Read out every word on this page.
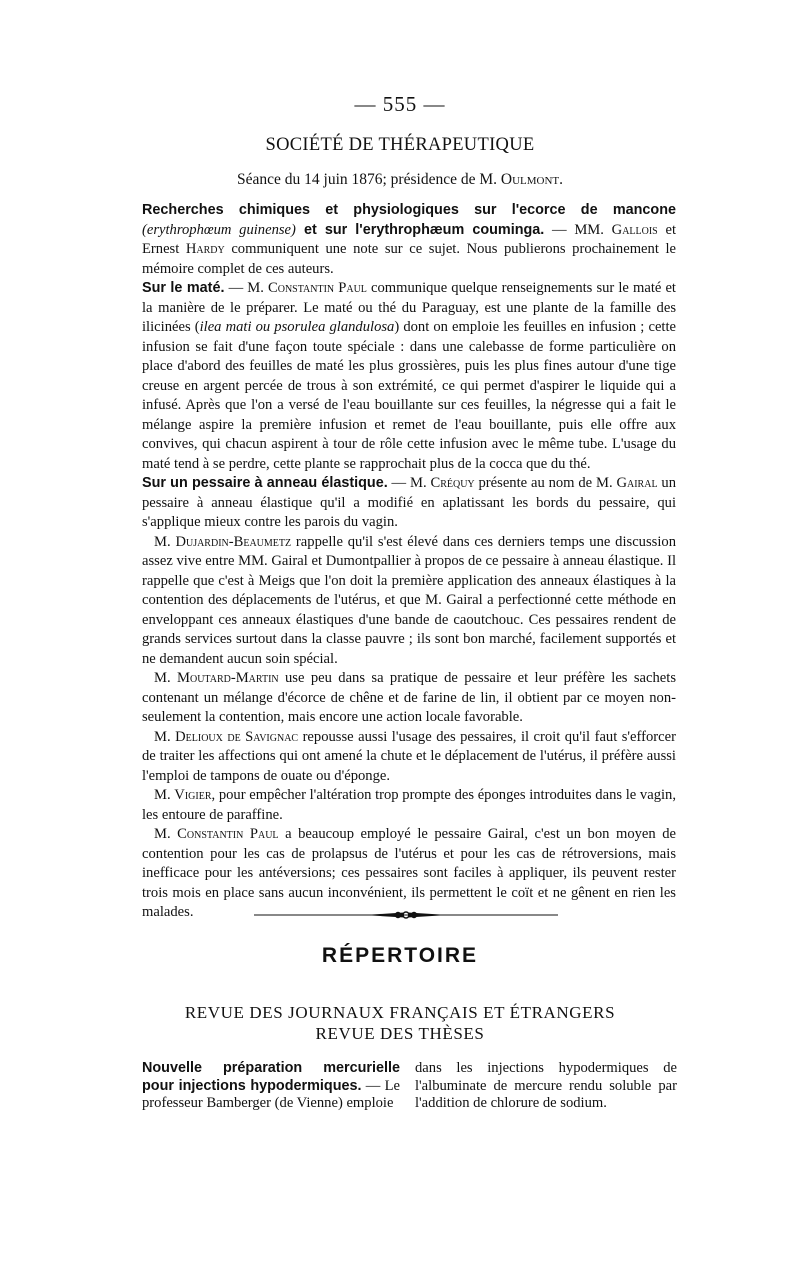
— 555 —
SOCIÉTÉ DE THÉRAPEUTIQUE
Séance du 14 juin 1876; présidence de M. Oulmont.

Recherches chimiques et physiologiques sur l'ecorce de mancone (erythrophœum guinense) et sur l'erythrophæum couminga. — MM. Gallois et Ernest Hardy communiquent une note sur ce sujet. Nous publierons prochainement le mémoire complet de ces auteurs.

Sur le maté. — M. Constantin Paul communique quelque renseignements sur le maté et la manière de le préparer. Le maté ou thé du Paraguay, est une plante de la famille des ilicinées (ilea mati ou psorulea glandulosa) dont on emploie les feuilles en infusion ; cette infusion se fait d'une façon toute spéciale : dans une calebasse de forme particulière on place d'abord des feuilles de maté les plus grossières, puis les plus fines autour d'une tige creuse en argent percée de trous à son extrémité, ce qui permet d'aspirer le liquide qui a infusé. Après que l'on a versé de l'eau bouillante sur ces feuilles, la négresse qui a fait le mélange aspire la première infusion et remet de l'eau bouillante, puis elle offre aux convives, qui chacun aspirent à tour de rôle cette infusion avec le même tube. L'usage du maté tend à se perdre, cette plante se rapprochait plus de la cocca que du thé.

Sur un pessaire à anneau élastique. — M. Créquy présente au nom de M. Gairal un pessaire à anneau élastique qu'il a modifié en aplatissant les bords du pessaire, qui s'applique mieux contre les parois du vagin.

M. Dujardin-Beaumetz rappelle qu'il s'est élevé dans ces derniers temps une discussion assez vive entre MM. Gairal et Dumontpallier à propos de ce pessaire à anneau élastique. Il rappelle que c'est à Meigs que l'on doit la première application des anneaux élastiques à la contention des déplacements de l'utérus, et que M. Gairal a perfectionné cette méthode en enveloppant ces anneaux élastiques d'une bande de caoutchouc. Ces pessaires rendent de grands services surtout dans la classe pauvre ; ils sont bon marché, facilement supportés et ne demandent aucun soin spécial.

M. Moutard-Martin use peu dans sa pratique de pessaire et leur préfère les sachets contenant un mélange d'écorce de chêne et de farine de lin, il obtient par ce moyen non-seulement la contention, mais encore une action locale favorable.

M. Delioux de Savignac repousse aussi l'usage des pessaires, il croit qu'il faut s'efforcer de traiter les affections qui ont amené la chute et le déplacement de l'utérus, il préfère aussi l'emploi de tampons de ouate ou d'éponge.

M. Vigier, pour empêcher l'altération trop prompte des éponges introduites dans le vagin, les entoure de paraffine.

M. Constantin Paul a beaucoup employé le pessaire Gairal, c'est un bon moyen de contention pour les cas de prolapsus de l'utérus et pour les cas de rétroversions, mais inefficace pour les antéversions; ces pessaires sont faciles à appliquer, ils peuvent rester trois mois en place sans aucun inconvénient, ils permettent le coït et ne gênent en rien les malades.

RÉPERTOIRE
REVUE DES JOURNAUX FRANÇAIS ET ÉTRANGERS
REVUE DES THÈSES

Nouvelle préparation mercurielle pour injections hypodermiques. — Le professeur Bamberger (de Vienne) emploie

dans les injections hypodermiques de l'albuminate de mercure rendu soluble par l'addition de chlorure de sodium.
